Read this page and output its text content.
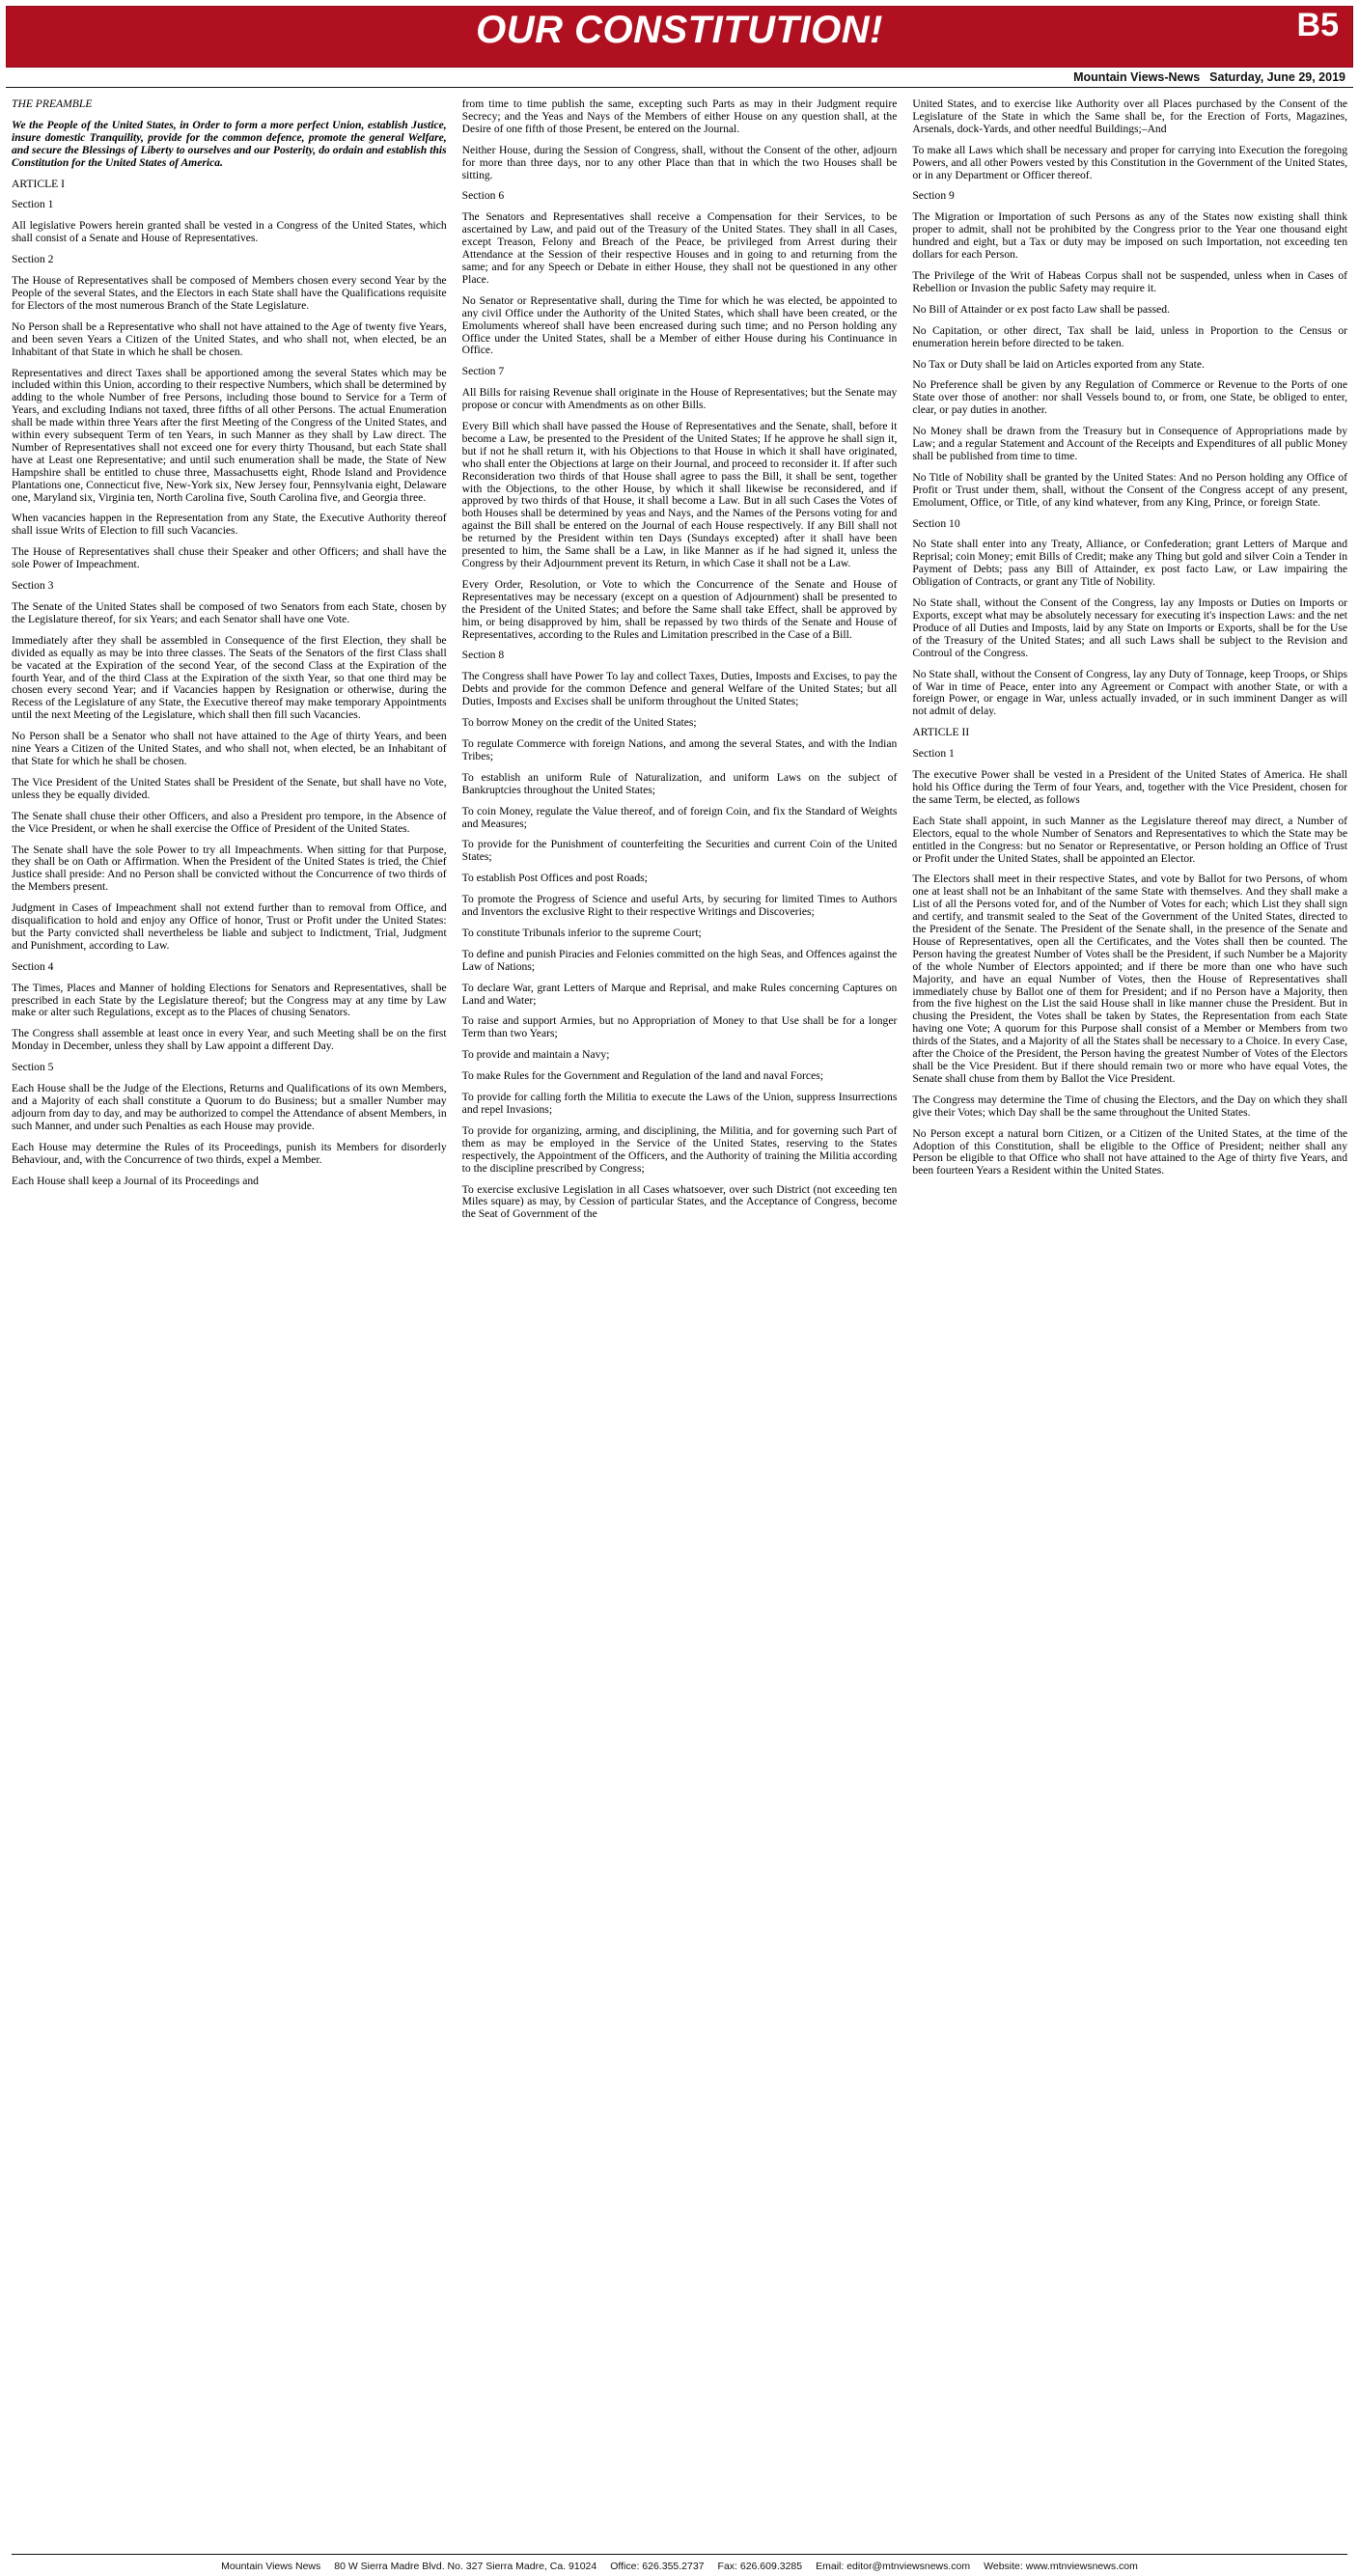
OUR CONSTITUTION!	B5
Mountain Views-News Saturday, June 29, 2019

THE PREAMBLE

We the People of the United States, in Order to form a more perfect Union, establish Justice, insure domestic Tranquility, provide for the common defence, promote the general Welfare, and secure the Blessings of Liberty to ourselves and our Posterity, do ordain and establish this Constitution for the United States of America.

ARTICLE I

Section 1

All legislative Powers herein granted shall be vested in a Congress of the United States, which shall consist of a Senate and House of Representatives.

Section 2

The House of Representatives shall be composed of Members chosen every second Year by the People of the several States, and the Electors in each State shall have the Qualifications requisite for Electors of the most numerous Branch of the State Legislature.

No Person shall be a Representative who shall not have attained to the Age of twenty five Years, and been seven Years a Citizen of the United States, and who shall not, when elected, be an Inhabitant of that State in which he shall be chosen.

Representatives and direct Taxes shall be apportioned among the several States which may be included within this Union, according to their respective Numbers, which shall be determined by adding to the whole Number of free Persons, including those bound to Service for a Term of Years, and excluding Indians not taxed, three fifths of all other Persons. The actual Enumeration shall be made within three Years after the first Meeting of the Congress of the United States, and within every subsequent Term of ten Years, in such Manner as they shall by Law direct. The Number of Representatives shall not exceed one for every thirty Thousand, but each State shall have at Least one Representative; and until such enumeration shall be made, the State of New Hampshire shall be entitled to chuse three, Massachusetts eight, Rhode Island and Providence Plantations one, Connecticut five, New-York six, New Jersey four, Pennsylvania eight, Delaware one, Maryland six, Virginia ten, North Carolina five, South Carolina five, and Georgia three.

When vacancies happen in the Representation from any State, the Executive Authority thereof shall issue Writs of Election to fill such Vacancies.

The House of Representatives shall chuse their Speaker and other Officers; and shall have the sole Power of Impeachment.

Section 3

The Senate of the United States shall be composed of two Senators from each State, chosen by the Legislature thereof, for six Years; and each Senator shall have one Vote.

Immediately after they shall be assembled in Consequence of the first Election, they shall be divided as equally as may be into three classes. The Seats of the Senators of the first Class shall be vacated at the Expiration of the second Year, of the second Class at the Expiration of the fourth Year, and of the third Class at the Expiration of the sixth Year, so that one third may be chosen every second Year; and if Vacancies happen by Resignation or otherwise, during the Recess of the Legislature of any State, the Executive thereof may make temporary Appointments until the next Meeting of the Legislature, which shall then fill such Vacancies.

No Person shall be a Senator who shall not have attained to the Age of thirty Years, and been nine Years a Citizen of the United States, and who shall not, when elected, be an Inhabitant of that State for which he shall be chosen.

The Vice President of the United States shall be President of the Senate, but shall have no Vote, unless they be equally divided.

The Senate shall chuse their other Officers, and also a President pro tempore, in the Absence of the Vice President, or when he shall exercise the Office of President of the United States.

The Senate shall have the sole Power to try all Impeachments. When sitting for that Purpose, they shall be on Oath or Affirmation. When the President of the United States is tried, the Chief Justice shall preside: And no Person shall be convicted without the Concurrence of two thirds of the Members present.

Judgment in Cases of Impeachment shall not extend further than to removal from Office, and disqualification to hold and enjoy any Office of honor, Trust or Profit under the United States: but the Party convicted shall nevertheless be liable and subject to Indictment, Trial, Judgment and Punishment, according to Law.

Section 4

The Times, Places and Manner of holding Elections for Senators and Representatives, shall be prescribed in each State by the Legislature thereof; but the Congress may at any time by Law make or alter such Regulations, except as to the Places of chusing Senators.

The Congress shall assemble at least once in every Year, and such Meeting shall be on the first Monday in December, unless they shall by Law appoint a different Day.

Section 5

Each House shall be the Judge of the Elections, Returns and Qualifications of its own Members, and a Majority of each shall constitute a Quorum to do Business; but a smaller Number may adjourn from day to day, and may be authorized to compel the Attendance of absent Members, in such Manner, and under such Penalties as each House may provide.

Each House may determine the Rules of its Proceedings, punish its Members for disorderly Behaviour, and, with the Concurrence of two thirds, expel a Member.

Each House shall keep a Journal of its Proceedings and

from time to time publish the same, excepting such Parts as may in their Judgment require Secrecy; and the Yeas and Nays of the Members of either House on any question shall, at the Desire of one fifth of those Present, be entered on the Journal.

Neither House, during the Session of Congress, shall, without the Consent of the other, adjourn for more than three days, nor to any other Place than that in which the two Houses shall be sitting.

Section 6

The Senators and Representatives shall receive a Compensation for their Services, to be ascertained by Law, and paid out of the Treasury of the United States. They shall in all Cases, except Treason, Felony and Breach of the Peace, be privileged from Arrest during their Attendance at the Session of their respective Houses and in going to and returning from the same; and for any Speech or Debate in either House, they shall not be questioned in any other Place.

No Senator or Representative shall, during the Time for which he was elected, be appointed to any civil Office under the Authority of the United States, which shall have been created, or the Emoluments whereof shall have been encreased during such time; and no Person holding any Office under the United States, shall be a Member of either House during his Continuance in Office.

Section 7

All Bills for raising Revenue shall originate in the House of Representatives; but the Senate may propose or concur with Amendments as on other Bills.

Every Bill which shall have passed the House of Representatives and the Senate, shall, before it become a Law, be presented to the President of the United States; If he approve he shall sign it, but if not he shall return it, with his Objections to that House in which it shall have originated, who shall enter the Objections at large on their Journal, and proceed to reconsider it. If after such Reconsideration two thirds of that House shall agree to pass the Bill, it shall be sent, together with the Objections, to the other House, by which it shall likewise be reconsidered, and if approved by two thirds of that House, it shall become a Law. But in all such Cases the Votes of both Houses shall be determined by yeas and Nays, and the Names of the Persons voting for and against the Bill shall be entered on the Journal of each House respectively. If any Bill shall not be returned by the President within ten Days (Sundays excepted) after it shall have been presented to him, the Same shall be a Law, in like Manner as if he had signed it, unless the Congress by their Adjournment prevent its Return, in which Case it shall not be a Law.

Every Order, Resolution, or Vote to which the Concurrence of the Senate and House of Representatives may be necessary (except on a question of Adjournment) shall be presented to the President of the United States; and before the Same shall take Effect, shall be approved by him, or being disapproved by him, shall be repassed by two thirds of the Senate and House of Representatives, according to the Rules and Limitation prescribed in the Case of a Bill.

Section 8

The Congress shall have Power To lay and collect Taxes, Duties, Imposts and Excises, to pay the Debts and provide for the common Defence and general Welfare of the United States; but all Duties, Imposts and Excises shall be uniform throughout the United States;

To borrow Money on the credit of the United States;

To regulate Commerce with foreign Nations, and among the several States, and with the Indian Tribes;

To establish an uniform Rule of Naturalization, and uniform Laws on the subject of Bankruptcies throughout the United States;

To coin Money, regulate the Value thereof, and of foreign Coin, and fix the Standard of Weights and Measures;

To provide for the Punishment of counterfeiting the Securities and current Coin of the United States;

To establish Post Offices and post Roads;

To promote the Progress of Science and useful Arts, by securing for limited Times to Authors and Inventors the exclusive Right to their respective Writings and Discoveries;

To constitute Tribunals inferior to the supreme Court;

To define and punish Piracies and Felonies committed on the high Seas, and Offences against the Law of Nations;

To declare War, grant Letters of Marque and Reprisal, and make Rules concerning Captures on Land and Water;

To raise and support Armies, but no Appropriation of Money to that Use shall be for a longer Term than two Years;

To provide and maintain a Navy;

To make Rules for the Government and Regulation of the land and naval Forces;

To provide for calling forth the Militia to execute the Laws of the Union, suppress Insurrections and repel Invasions;

To provide for organizing, arming, and disciplining, the Militia, and for governing such Part of them as may be employed in the Service of the United States, reserving to the States respectively, the Appointment of the Officers, and the Authority of training the Militia according to the discipline prescribed by Congress;

To exercise exclusive Legislation in all Cases whatsoever, over such District (not exceeding ten Miles square) as may, by Cession of particular States, and the Acceptance of Congress, become the Seat of Government of the

United States, and to exercise like Authority over all Places purchased by the Consent of the Legislature of the State in which the Same shall be, for the Erection of Forts, Magazines, Arsenals, dock-Yards, and other needful Buildings;–And

To make all Laws which shall be necessary and proper for carrying into Execution the foregoing Powers, and all other Powers vested by this Constitution in the Government of the United States, or in any Department or Officer thereof.

Section 9

The Migration or Importation of such Persons as any of the States now existing shall think proper to admit, shall not be prohibited by the Congress prior to the Year one thousand eight hundred and eight, but a Tax or duty may be imposed on such Importation, not exceeding ten dollars for each Person.

The Privilege of the Writ of Habeas Corpus shall not be suspended, unless when in Cases of Rebellion or Invasion the public Safety may require it.

No Bill of Attainder or ex post facto Law shall be passed.

No Capitation, or other direct, Tax shall be laid, unless in Proportion to the Census or enumeration herein before directed to be taken.

No Tax or Duty shall be laid on Articles exported from any State.

No Preference shall be given by any Regulation of Commerce or Revenue to the Ports of one State over those of another: nor shall Vessels bound to, or from, one State, be obliged to enter, clear, or pay duties in another.

No Money shall be drawn from the Treasury but in Consequence of Appropriations made by Law; and a regular Statement and Account of the Receipts and Expenditures of all public Money shall be published from time to time.

No Title of Nobility shall be granted by the United States: And no Person holding any Office of Profit or Trust under them, shall, without the Consent of the Congress accept of any present, Emolument, Office, or Title, of any kind whatever, from any King, Prince, or foreign State.

Section 10

No State shall enter into any Treaty, Alliance, or Confederation; grant Letters of Marque and Reprisal; coin Money; emit Bills of Credit; make any Thing but gold and silver Coin a Tender in Payment of Debts; pass any Bill of Attainder, ex post facto Law, or Law impairing the Obligation of Contracts, or grant any Title of Nobility.

No State shall, without the Consent of the Congress, lay any Imposts or Duties on Imports or Exports, except what may be absolutely necessary for executing it's inspection Laws: and the net Produce of all Duties and Imposts, laid by any State on Imports or Exports, shall be for the Use of the Treasury of the United States; and all such Laws shall be subject to the Revision and Controul of the Congress.

No State shall, without the Consent of Congress, lay any Duty of Tonnage, keep Troops, or Ships of War in time of Peace, enter into any Agreement or Compact with another State, or with a foreign Power, or engage in War, unless actually invaded, or in such imminent Danger as will not admit of delay.

ARTICLE II

Section 1

The executive Power shall be vested in a President of the United States of America. He shall hold his Office during the Term of four Years, and, together with the Vice President, chosen for the same Term, be elected, as follows

Each State shall appoint, in such Manner as the Legislature thereof may direct, a Number of Electors, equal to the whole Number of Senators and Representatives to which the State may be entitled in the Congress: but no Senator or Representative, or Person holding an Office of Trust or Profit under the United States, shall be appointed an Elector.

The Electors shall meet in their respective States, and vote by Ballot for two Persons, of whom one at least shall not be an Inhabitant of the same State with themselves. And they shall make a List of all the Persons voted for, and of the Number of Votes for each; which List they shall sign and certify, and transmit sealed to the Seat of the Government of the United States, directed to the President of the Senate. The President of the Senate shall, in the presence of the Senate and House of Representatives, open all the Certificates, and the Votes shall then be counted. The Person having the greatest Number of Votes shall be the President, if such Number be a Majority of the whole Number of Electors appointed; and if there be more than one who have such Majority, and have an equal Number of Votes, then the House of Representatives shall immediately chuse by Ballot one of them for President; and if no Person have a Majority, then from the five highest on the List the said House shall in like manner chuse the President. But in chusing the President, the Votes shall be taken by States, the Representation from each State having one Vote; A quorum for this Purpose shall consist of a Member or Members from two thirds of the States, and a Majority of all the States shall be necessary to a Choice. In every Case, after the Choice of the President, the Person having the greatest Number of Votes of the Electors shall be the Vice President. But if there should remain two or more who have equal Votes, the Senate shall chuse from them by Ballot the Vice President.

The Congress may determine the Time of chusing the Electors, and the Day on which they shall give their Votes; which Day shall be the same throughout the United States.

No Person except a natural born Citizen, or a Citizen of the United States, at the time of the Adoption of this Constitution, shall be eligible to the Office of President; neither shall any Person be eligible to that Office who shall not have attained to the Age of thirty five Years, and been fourteen Years a Resident within the United States.

Mountain Views News 80 W Sierra Madre Blvd. No. 327 Sierra Madre, Ca. 91024 Office: 626.355.2737 Fax: 626.609.3285 Email: editor@mtnviewsnews.com Website: www.mtnviewsnews.com
